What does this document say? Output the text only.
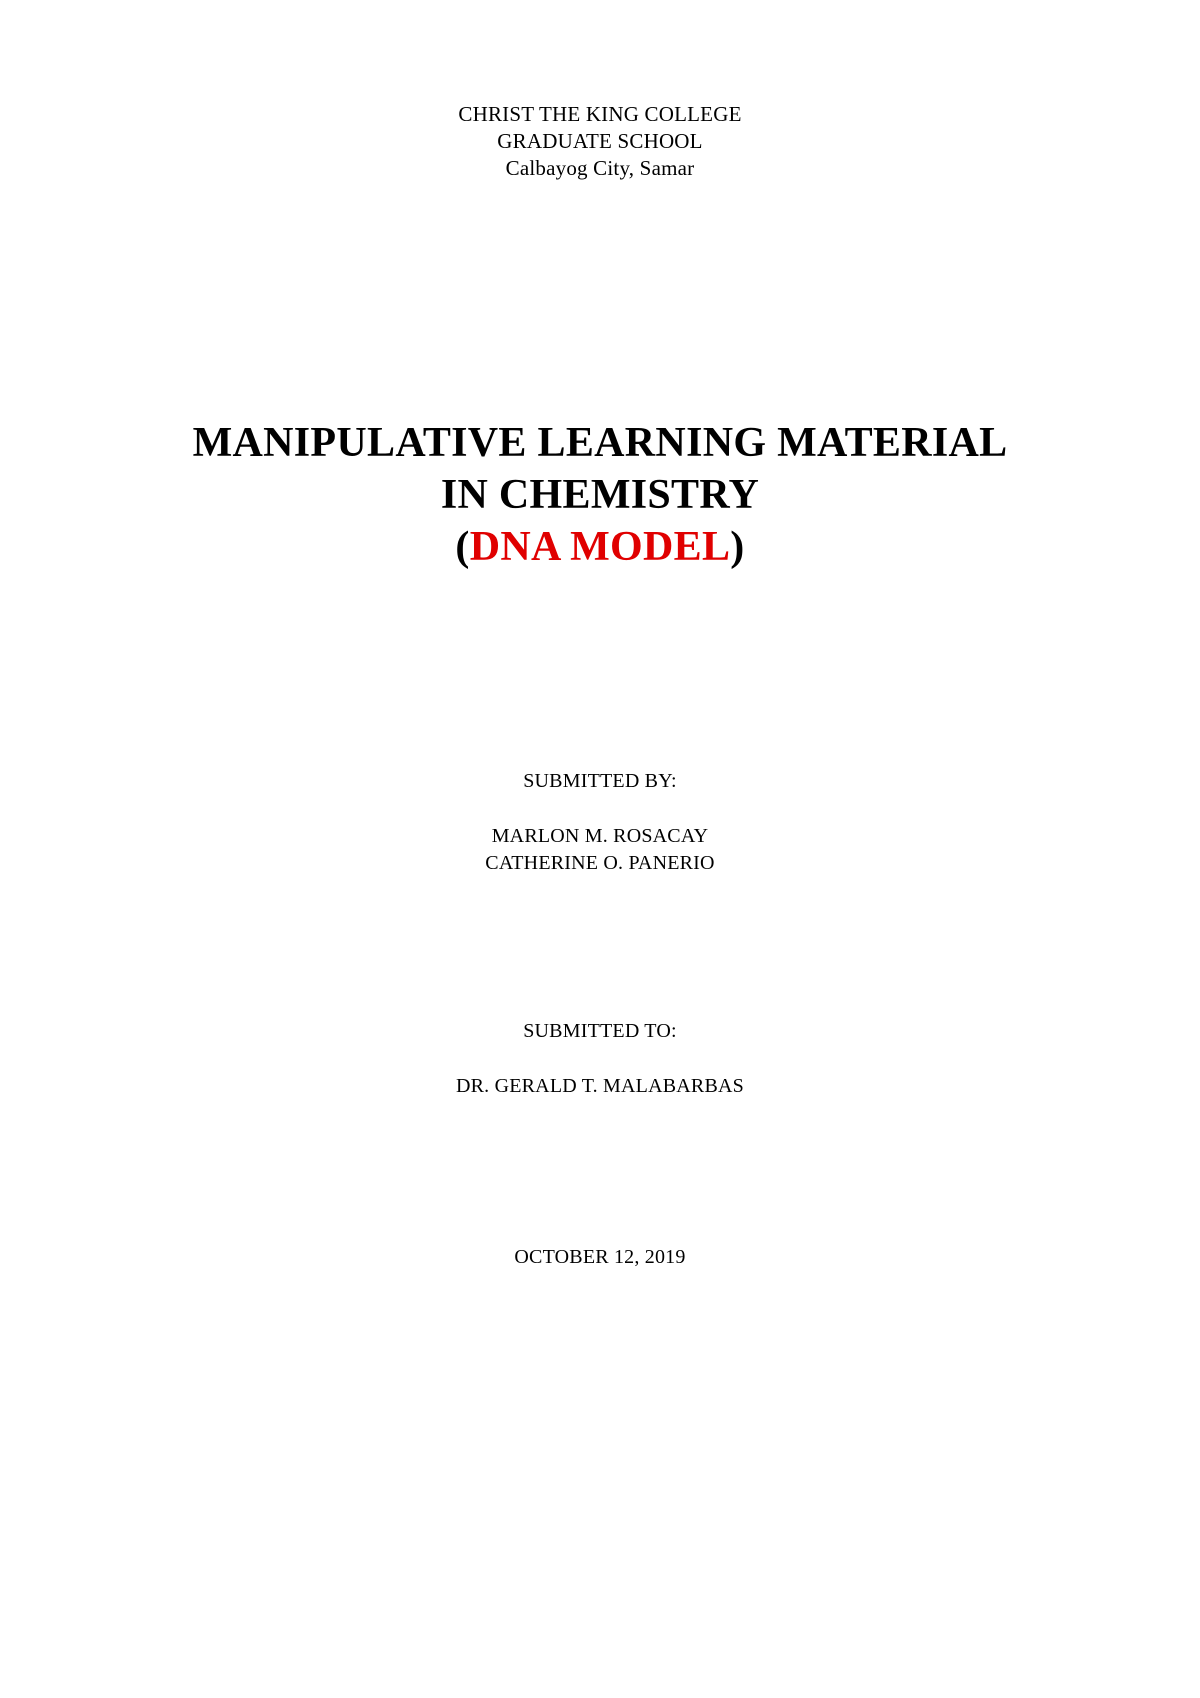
CHRIST THE KING COLLEGE
GRADUATE SCHOOL
Calbayog City, Samar
MANIPULATIVE LEARNING MATERIAL
IN CHEMISTRY
(DNA MODEL)
SUBMITTED BY:
MARLON M. ROSACAY
CATHERINE O. PANERIO
SUBMITTED TO:
DR. GERALD T. MALABARBAS
OCTOBER 12, 2019
